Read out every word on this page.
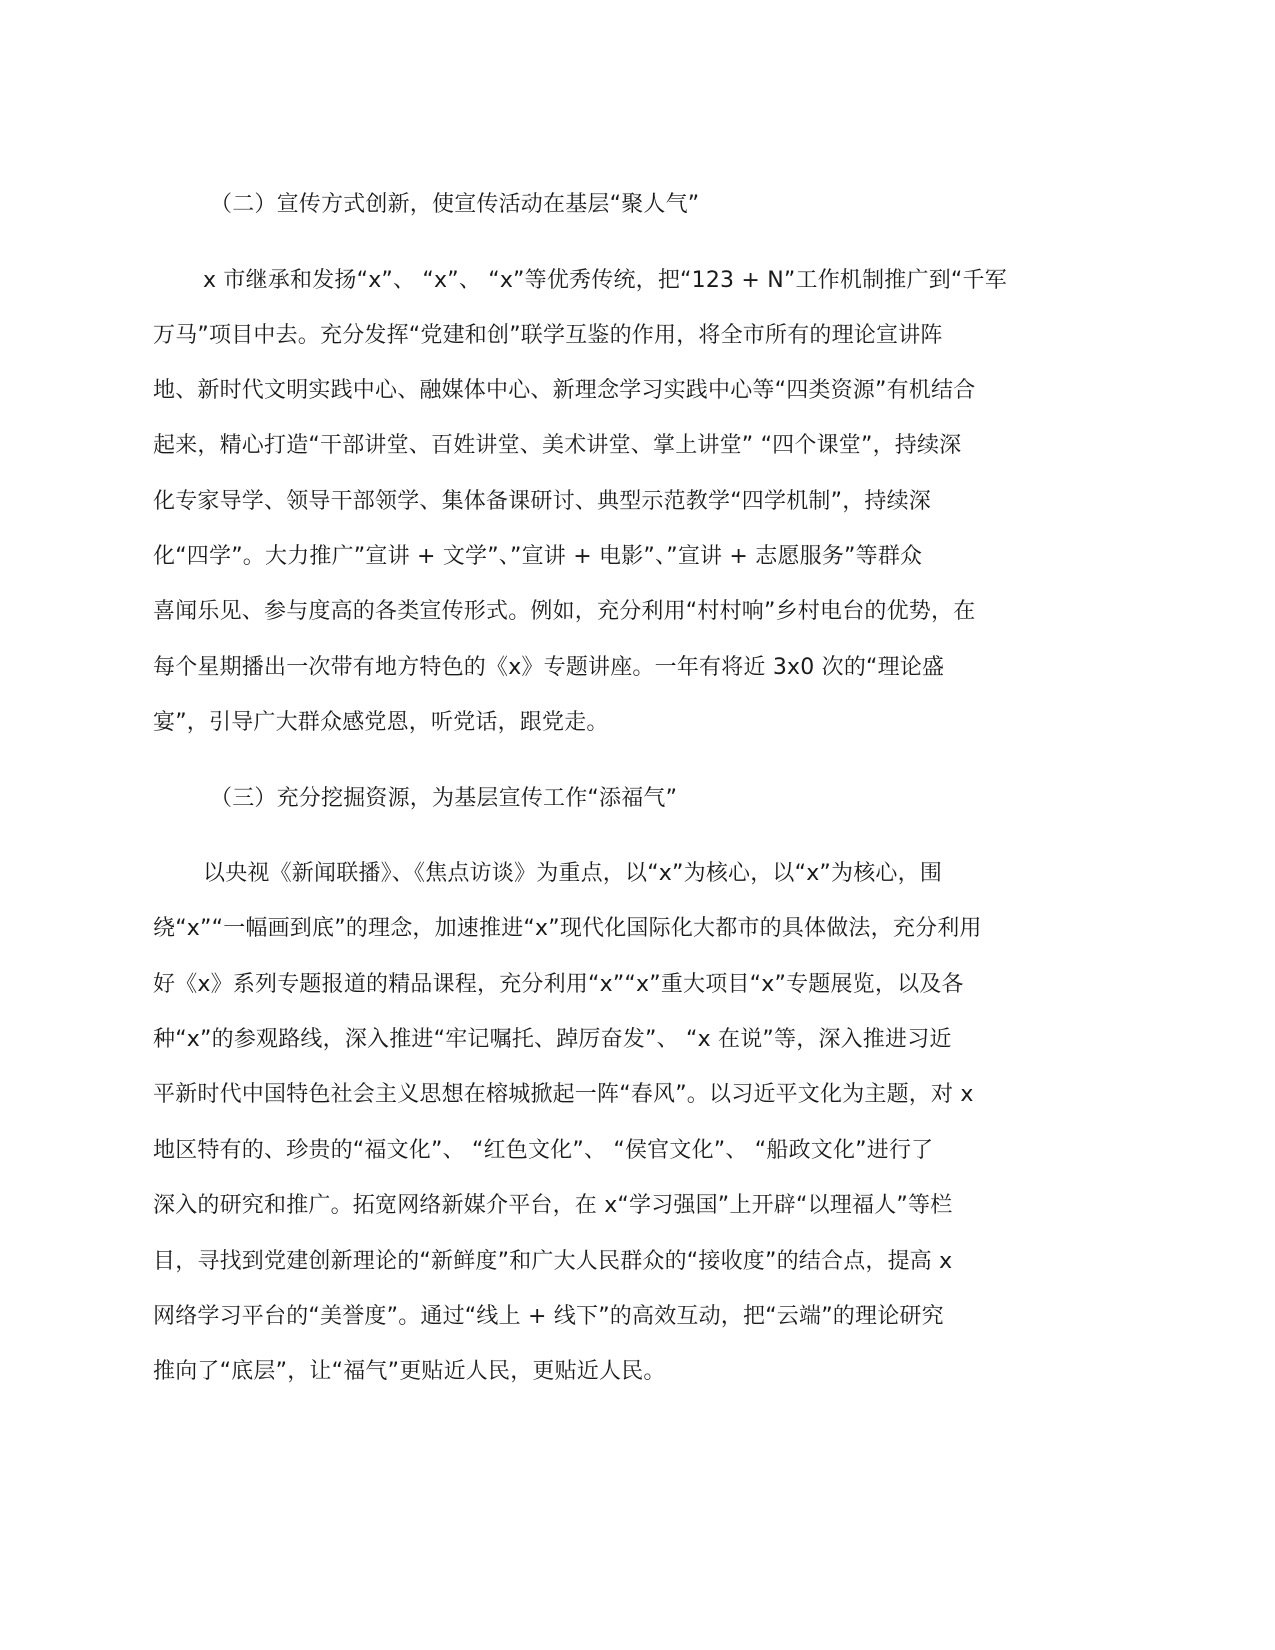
（二）宣传方式创新，使宣传活动在基层“聚人气”
x 市继承和发扬“x”、 “x”、 “x”等优秀传统，把“123 + N”工作机制推广到“千军
万马”项目中去。充分发挥“党建和创”联学互鉴的作用，将全市所有的理论宣讲阵
地、新时代文明实践中心、融媒体中心、新理念学习实践中心等“四类资源”有机结合
起来，精心打造“干部讲堂、百姓讲堂、美术讲堂、掌上讲堂” “四个课堂”，持续深
化专家导学、领导干部领学、集体备课研讨、典型示范教学“四学机制”，持续深
化“四学”。大力推广”宣讲 + 文学”、”宣讲 + 电影”、”宣讲 + 志愿服务”等群众
喜闻乐见、参与度高的各类宣传形式。例如，充分利用“村村响”乡村电台的优势，在
每个星期播出一次带有地方特色的《x》专题讲座。一年有将近 3x0 次的“理论盛
宴”，引导广大群众感党恩，听党话，跟党走。
（三）充分挖掘资源，为基层宣传工作“添福气”
以央视《新闻联播》、《焦点访谈》为重点，以“x”为核心，以“x”为核心，围
绕“x”“一幅画到底”的理念，加速推进“x”现代化国际化大都市的具体做法，充分利用
好《x》系列专题报道的精品课程，充分利用“x”“x”重大项目“x”专题展览，以及各
种“x”的参观路线，深入推进“牢记嘱托、踔厉奋发”、 “x 在说”等，深入推进习近
平新时代中国特色社会主义思想在榕城掀起一阵“春风”。以习近平文化为主题，对 x
地区特有的、珍贵的“福文化”、 “红色文化”、 “侯官文化”、 “船政文化”进行了
深入的研究和推广。拓宽网络新媒介平台，在 x“学习强国”上开辟“以理福人”等栏
目，寻找到党建创新理论的“新鲜度”和广大人民群众的“接收度”的结合点，提高 x
网络学习平台的“美誉度”。通过“线上 + 线下”的高效互动，把“云端”的理论研究
推向了“底层”，让“福气”更贴近人民，更贴近人民。
